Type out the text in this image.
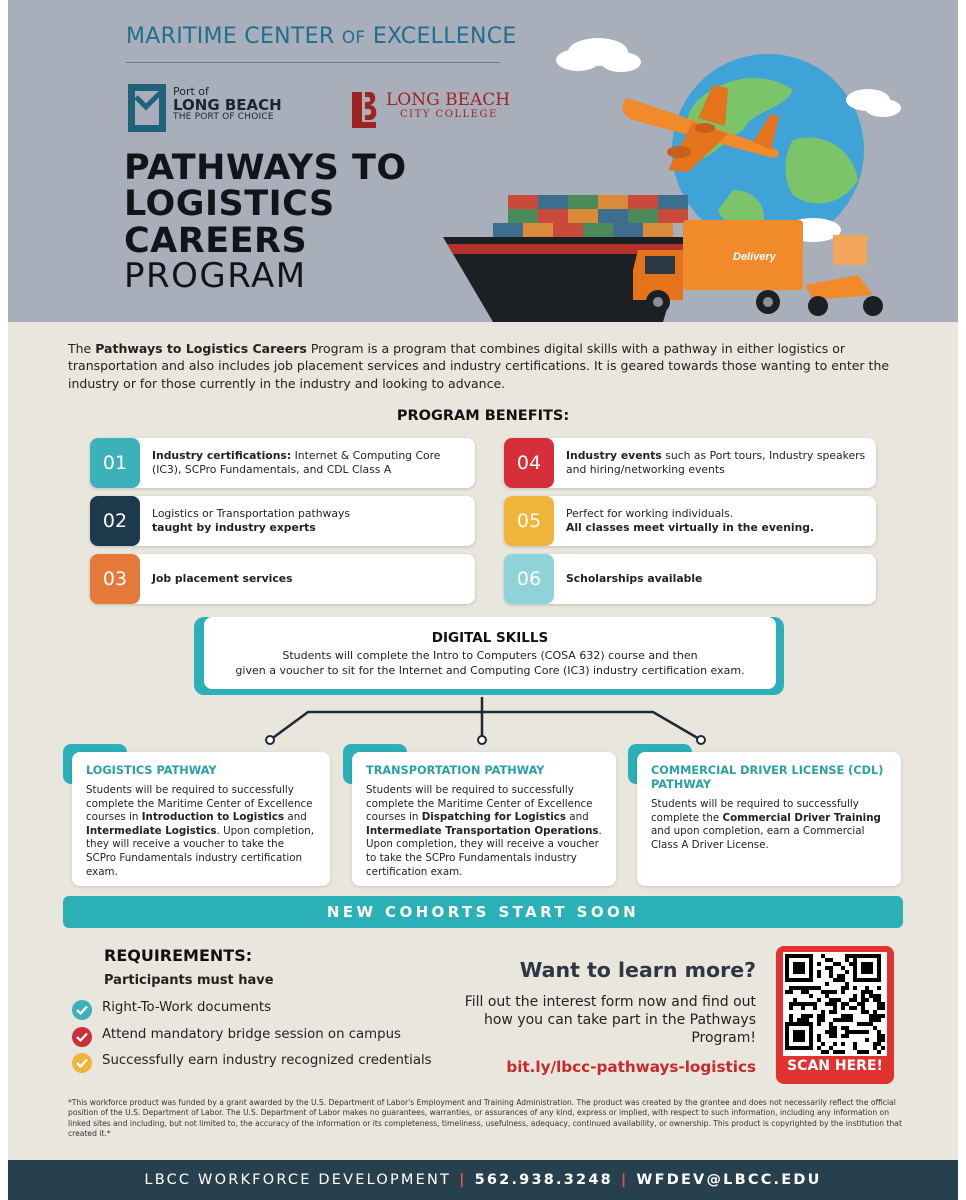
MARITIME CENTER OF EXCELLENCE
Port of
LONG BEACH
THE PORT OF CHOICE
LONG BEACH
CITY COLLEGE
PATHWAYS TO
LOGISTICS
CAREERS
PROGRAM	Delivery

The Pathways to Logistics Careers Program is a program that combines digital skills with a pathway in either logistics or transportation and also includes job placement services and industry certifications. It is geared towards those wanting to enter the industry or for those currently in the industry and looking to advance.

PROGRAM BENEFITS:
01	Industry certifications: Internet & Computing Core (IC3), SCPro Fundamentals, and CDL Class A
02	Logistics or Transportation pathways
taught by industry experts
03	Job placement services
04	Industry events such as Port tours, Industry speakers and hiring/networking events
05	Perfect for working individuals.
All classes meet virtually in the evening.
06	Scholarships available
DIGITAL SKILLS
Students will complete the Intro to Computers (COSA 632) course and then
given a voucher to sit for the Internet and Computing Core (IC3) industry certification exam.
LOGISTICS PATHWAY
Students will be required to successfully complete the Maritime Center of Excellence courses in Introduction to Logistics and Intermediate Logistics. Upon completion, they will receive a voucher to take the SCPro Fundamentals industry certification exam.
TRANSPORTATION PATHWAY
Students will be required to successfully complete the Maritime Center of Excellence courses in Dispatching for Logistics and Intermediate Transportation Operations. Upon completion, they will receive a voucher to take the SCPro Fundamentals industry certification exam.
COMMERCIAL DRIVER LICENSE (CDL) PATHWAY
Students will be required to successfully complete the Commercial Driver Training and upon completion, earn a Commercial Class A Driver License.
NEW COHORTS START SOON
REQUIREMENTS:
Participants must have
Right-To-Work documents
Attend mandatory bridge session on campus
Successfully earn industry recognized credentials
Want to learn more?
Fill out the interest form now and find out how you can take part in the Pathways Program!
bit.ly/lbcc-pathways-logistics	SCAN HERE!
*This workforce product was funded by a grant awarded by the U.S. Department of Labor's Employment and Training Administration. The product was created by the grantee and does not necessarily reflect the official position of the U.S. Department of Labor. The U.S. Department of Labor makes no guarantees, warranties, or assurances of any kind, express or implied, with respect to such information, including any information on linked sites and including, but not limited to, the accuracy of the information or its completeness, timeliness, usefulness, adequacy, continued availability, or ownership. This product is copyrighted by the institution that created it.*
LBCC WORKFORCE DEVELOPMENT | 562.938.3248 | WFDEV@LBCC.EDU
